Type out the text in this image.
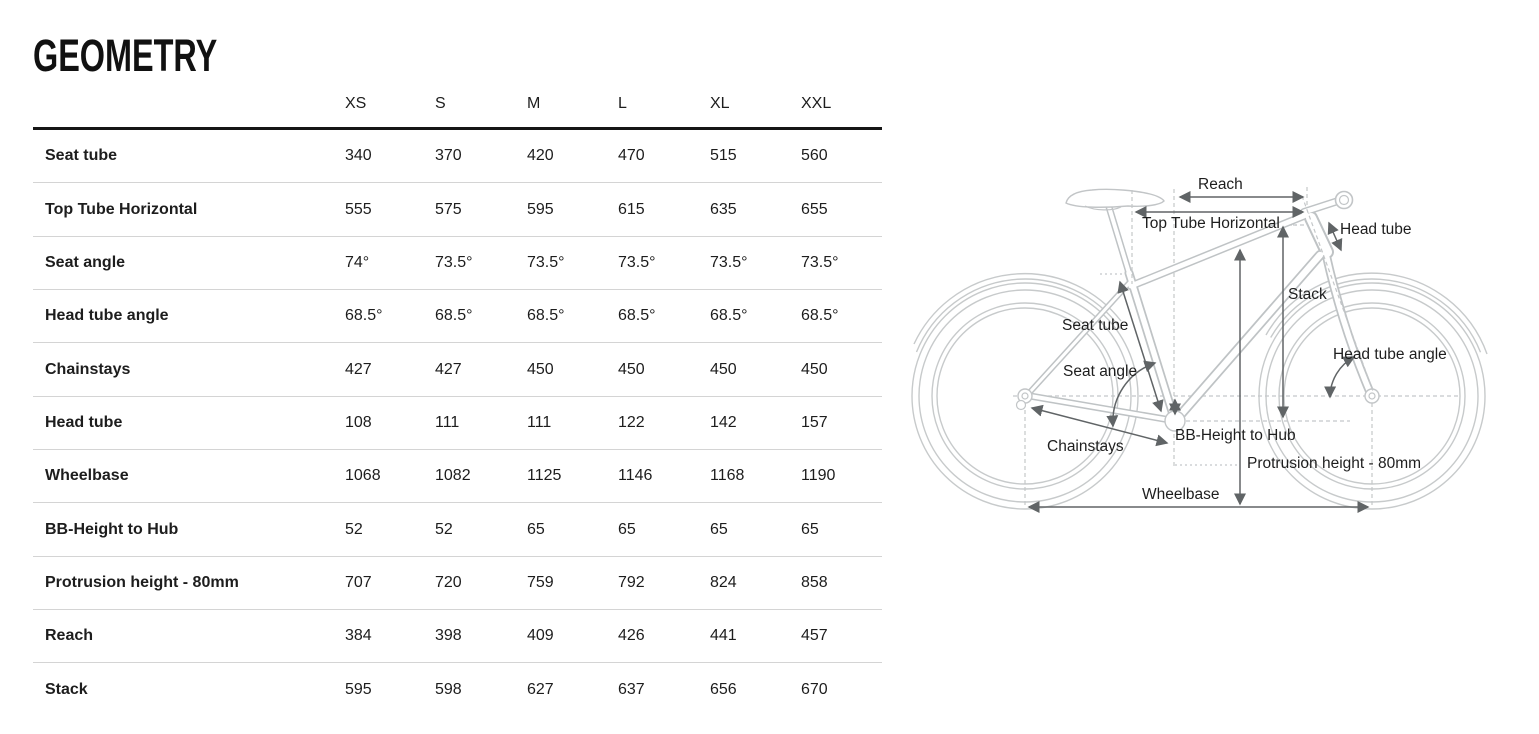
GEOMETRY
XS	S	M	L	XL	XXL
Seat tube	340	370	420	470	515	560
Top Tube Horizontal	555	575	595	615	635	655
Seat angle	74°	73.5°	73.5°	73.5°	73.5°	73.5°
Head tube angle	68.5°	68.5°	68.5°	68.5°	68.5°	68.5°
Chainstays	427	427	450	450	450	450
Head tube	108	111	111	122	142	157
Wheelbase	1068	1082	1125	1146	1168	1190
BB-Height to Hub	52	52	65	65	65	65
Protrusion height - 80mm	707	720	759	792	824	858
Reach	384	398	409	426	441	457
Stack	595	598	627	637	656	670
Reach
Top Tube Horizontal	Head tube
Stack
Seat tube
Head tube angle
Seat angle
BB-Height to Hub
Chainstays
Protrusion height - 80mm
Wheelbase
